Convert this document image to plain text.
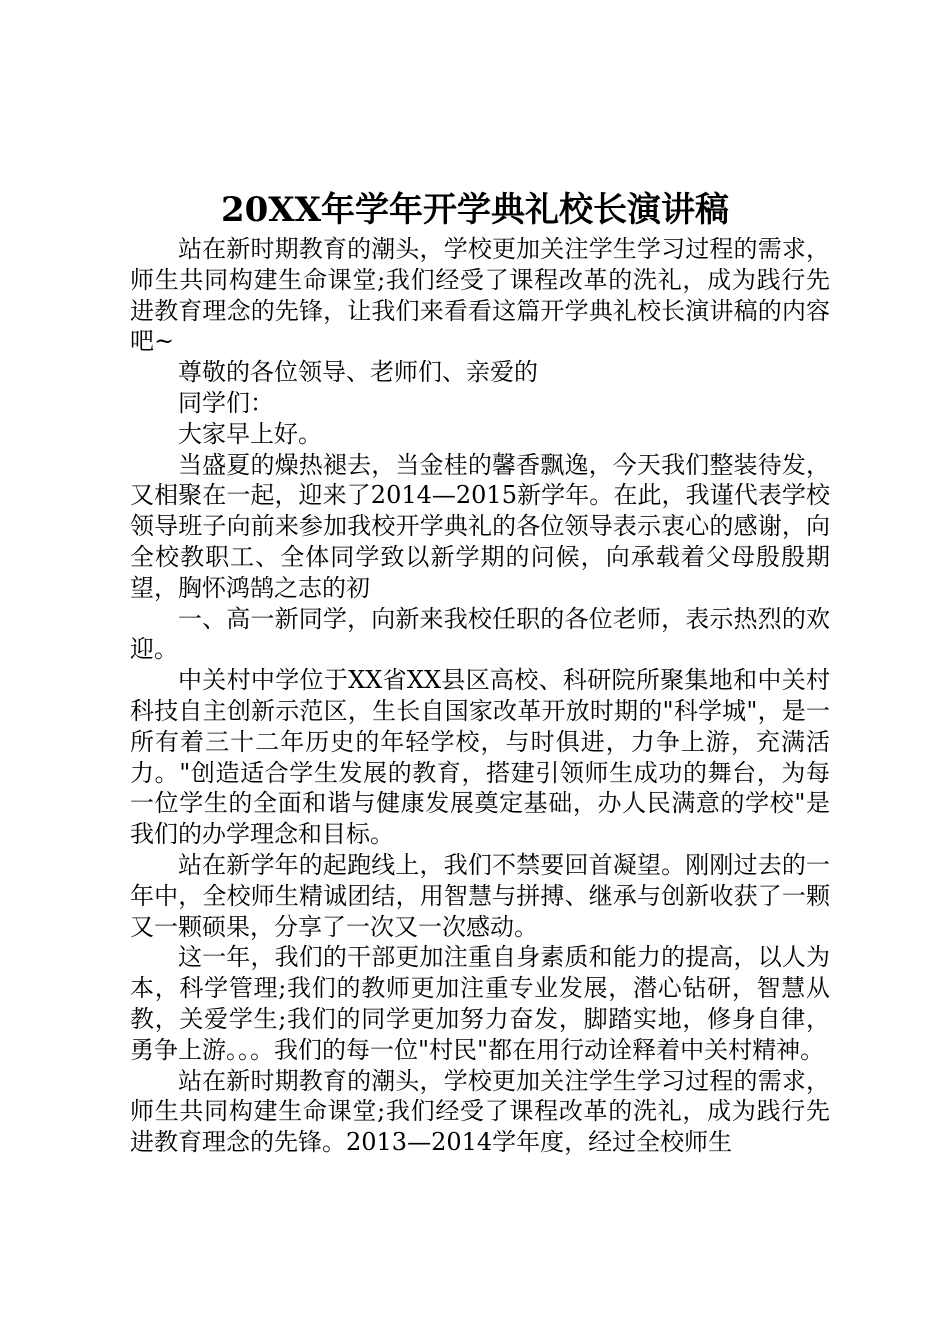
20XX年学年开学典礼校长演讲稿

站在新时期教育的潮头，学校更加关注学生学习过程的需求，师生共同构建生命课堂;我们经受了课程改革的洗礼，成为践行先进教育理念的先锋，让我们来看看这篇开学典礼校长演讲稿的内容吧~

尊敬的各位领导、老师们、亲爱的

同学们：

大家早上好。

当盛夏的燥热褪去，当金桂的馨香飘逸，今天我们整装待发，又相聚在一起，迎来了2014—2015新学年。在此，我谨代表学校领导班子向前来参加我校开学典礼的各位领导表示衷心的感谢，向全校教职工、全体同学致以新学期的问候，向承载着父母殷殷期望，胸怀鸿鹄之志的初

一、高一新同学，向新来我校任职的各位老师，表示热烈的欢迎。

中关村中学位于XX省XX县区高校、科研院所聚集地和中关村科技自主创新示范区，生长自国家改革开放时期的"科学城"，是一所有着三十二年历史的年轻学校，与时俱进，力争上游，充满活力。"创造适合学生发展的教育，搭建引领师生成功的舞台，为每一位学生的全面和谐与健康发展奠定基础，办人民满意的学校"是我们的办学理念和目标。

站在新学年的起跑线上，我们不禁要回首凝望。刚刚过去的一年中，全校师生精诚团结，用智慧与拼搏、继承与创新收获了一颗又一颗硕果，分享了一次又一次感动。

这一年，我们的干部更加注重自身素质和能力的提高，以人为本，科学管理;我们的教师更加注重专业发展，潜心钻研，智慧从教，关爱学生;我们的同学更加努力奋发，脚踏实地，修身自律，勇争上游。。。我们的每一位"村民"都在用行动诠释着中关村精神。

站在新时期教育的潮头，学校更加关注学生学习过程的需求，师生共同构建生命课堂;我们经受了课程改革的洗礼，成为践行先进教育理念的先锋。2013—2014学年度，经过全校师生
